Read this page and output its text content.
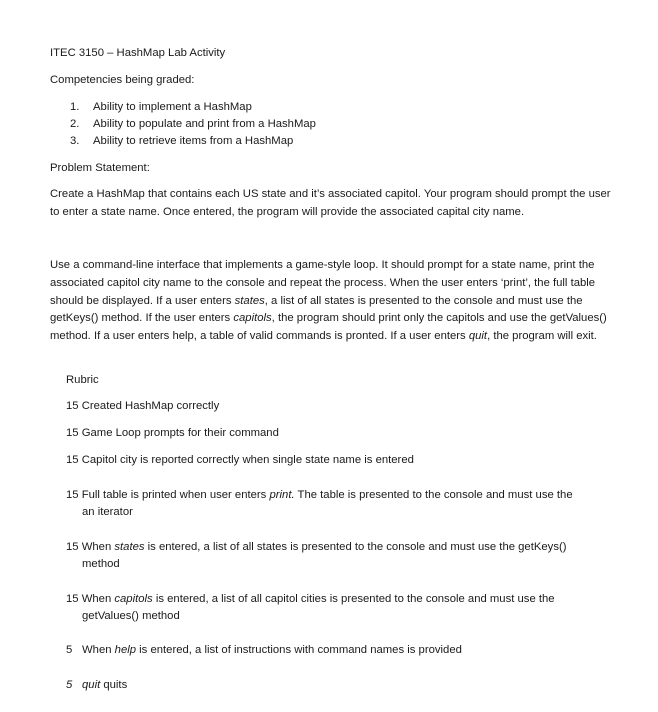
ITEC 3150 – HashMap Lab Activity
Competencies being graded:
1. Ability to implement a HashMap
2. Ability to populate and print from a HashMap
3. Ability to retrieve items from a HashMap
Problem Statement:
Create a HashMap that contains each US state and it’s associated capitol. Your program should prompt the user to enter a state name. Once entered, the program will provide the associated capital city name.
Use a command-line interface that implements a game-style loop. It should prompt for a state name, print the associated capitol city name to the console and repeat the process. When the user enters ‘print’, the full table should be displayed. If a user enters states, a list of all states is presented to the console and must use the getKeys() method. If the user enters capitols, the program should print only the capitols and use the getValues() method. If a user enters help, a table of valid commands is pronted. If a user enters quit, the program will exit.
Rubric
15 Created HashMap correctly
15 Game Loop prompts for their command
15 Capitol city is reported correctly when single state name is entered
15 Full table is printed when user enters print. The table is presented to the console and must use the
an iterator
15 When states is entered, a list of all states is presented to the console and must use the getKeys()
method
15 When capitols is entered, a list of all capitol cities is presented to the console and must use the
getValues() method
5 When help is entered, a list of instructions with command names is provided
5 quit quits
